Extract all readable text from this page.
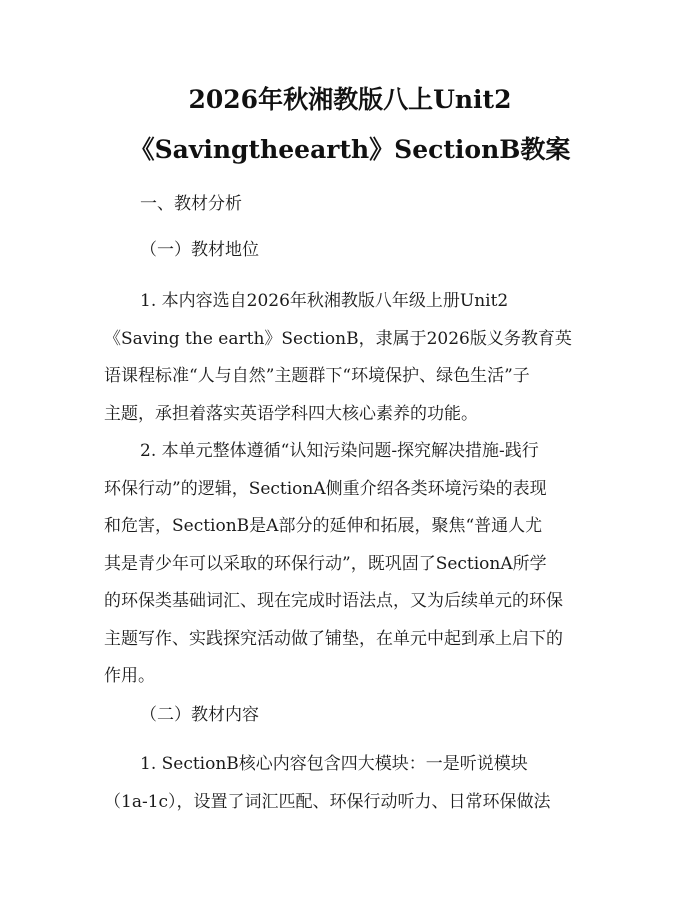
2026年秋湘教版八上Unit2
《Savingtheearth》SectionB教案
一、教材分析
（一）教材地位
1. 本内容选自2026年秋湘教版八年级上册Unit2
《Saving the earth》SectionB，隶属于2026版义务教育英
语课程标准“人与自然”主题群下“环境保护、绿色生活”子
主题，承担着落实英语学科四大核心素养的功能。
2. 本单元整体遵循“认知污染问题-探究解决措施-践行
环保行动”的逻辑，SectionA侧重介绍各类环境污染的表现
和危害，SectionB是A部分的延伸和拓展，聚焦“普通人尤
其是青少年可以采取的环保行动”，既巩固了SectionA所学
的环保类基础词汇、现在完成时语法点，又为后续单元的环保
主题写作、实践探究活动做了铺垫，在单元中起到承上启下的
作用。
（二）教材内容
1. SectionB核心内容包含四大模块：一是听说模块
（1a-1c），设置了词汇匹配、环保行动听力、日常环保做法
